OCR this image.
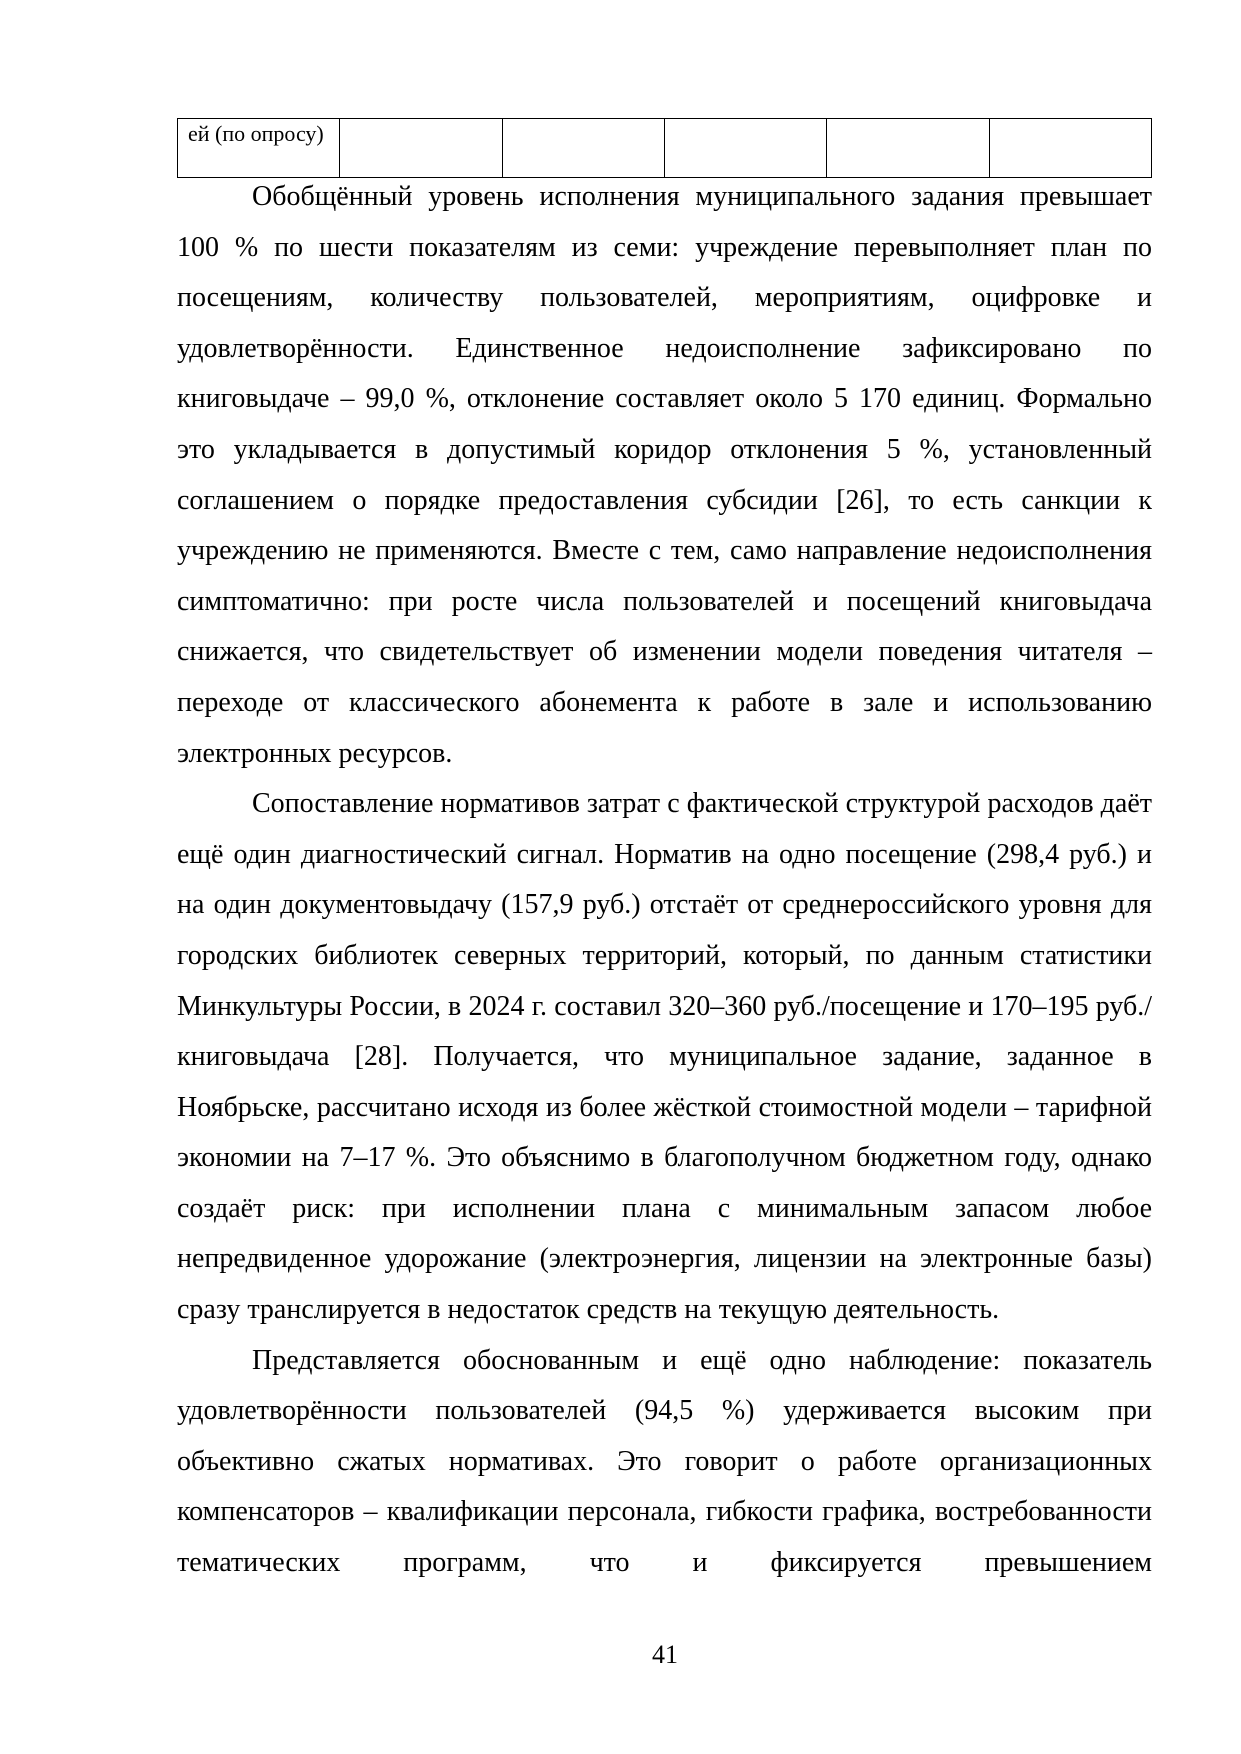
ей (по опросу)					

Обобщённый уровень исполнения муниципального задания превышает 100 % по шести показателям из семи: учреждение перевыполняет план по посещениям, количеству пользователей, мероприятиям, оцифровке и удовлетворённости. Единственное недоисполнение зафиксировано по книговыдаче – 99,0 %, отклонение составляет около 5 170 единиц. Формально это укладывается в допустимый коридор отклонения 5 %, установленный соглашением о порядке предоставления субсидии [26], то есть санкции к учреждению не применяются. Вместе с тем, само направление недоисполнения симптоматично: при росте числа пользователей и посещений книговыдача снижается, что свидетельствует об изменении модели поведения читателя – переходе от классического абонемента к работе в зале и использованию электронных ресурсов.

Сопоставление нормативов затрат с фактической структурой расходов даёт ещё один диагностический сигнал. Норматив на одно посещение (298,4 руб.) и на один документовыдачу (157,9 руб.) отстаёт от среднероссийского уровня для городских библиотек северных территорий, который, по данным статистики Минкультуры России, в 2024 г. составил 320–360 руб./посещение и 170–195 руб./книговыдача [28]. Получается, что муниципальное задание, заданное в Ноябрьске, рассчитано исходя из более жёсткой стоимостной модели – тарифной экономии на 7–17 %. Это объяснимо в благополучном бюджетном году, однако создаёт риск: при исполнении плана с минимальным запасом любое непредвиденное удорожание (электроэнергия, лицензии на электронные базы) сразу транслируется в недостаток средств на текущую деятельность.

Представляется обоснованным и ещё одно наблюдение: показатель удовлетворённости пользователей (94,5 %) удерживается высоким при объективно сжатых нормативах. Это говорит о работе организационных компенсаторов – квалификации персонала, гибкости графика, востребованности тематических программ, что и фиксируется превышением

41
